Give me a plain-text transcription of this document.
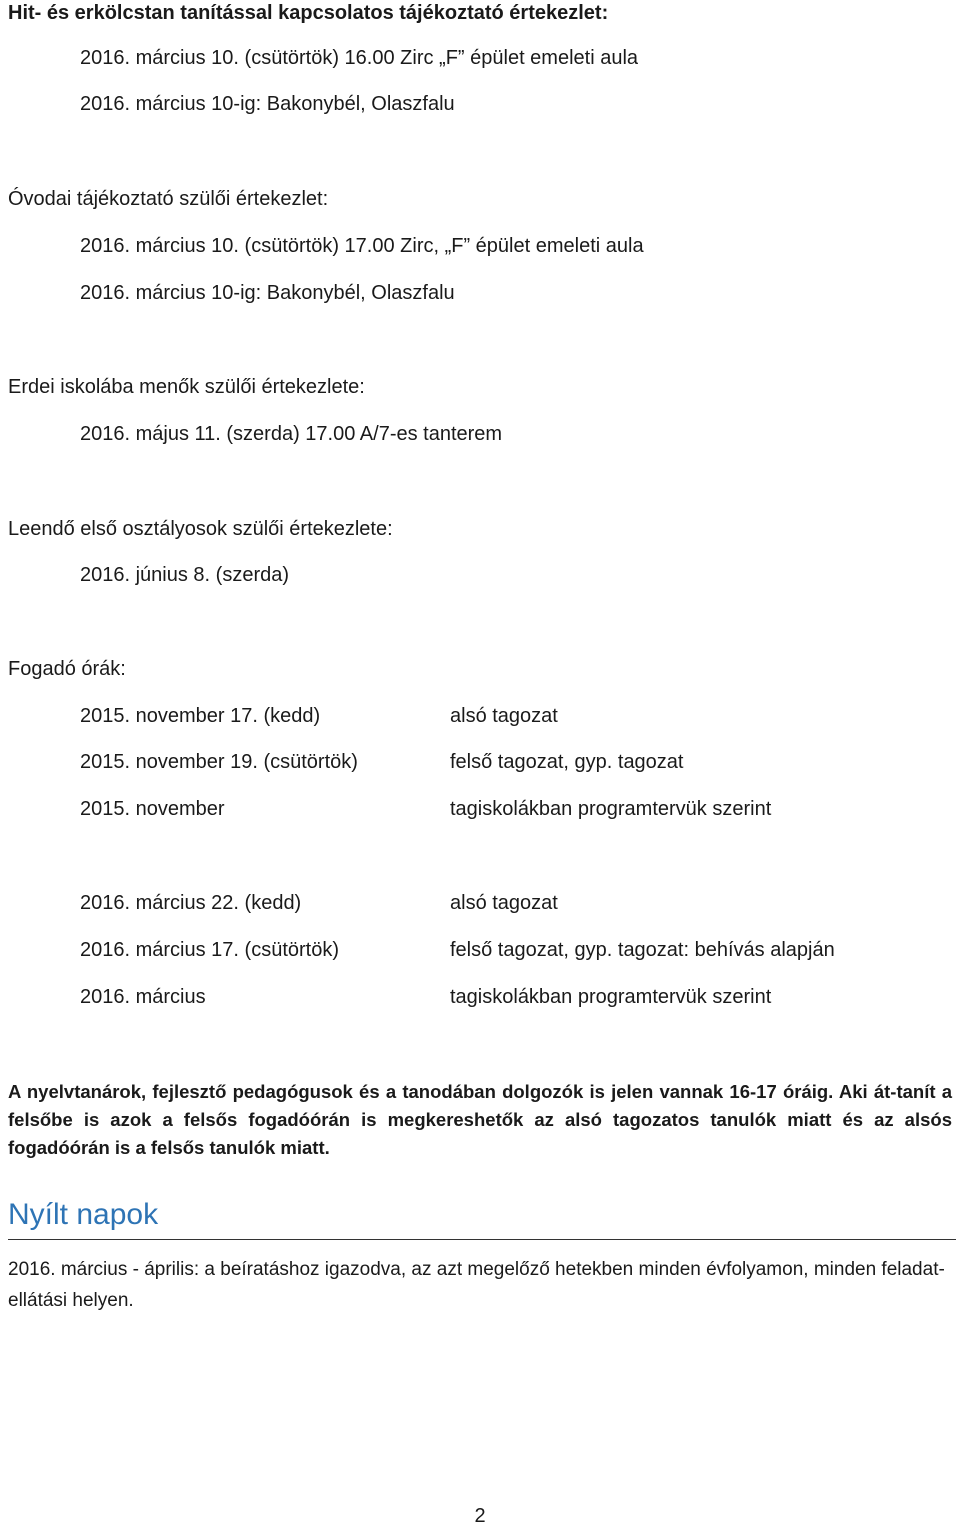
Hit- és erkölcstan tanítással kapcsolatos tájékoztató értekezlet:
2016. március 10. (csütörtök) 16.00 Zirc „F” épület emeleti aula
2016. március 10-ig: Bakonybél, Olaszfalu
Óvodai tájékoztató szülői értekezlet:
2016. március 10. (csütörtök) 17.00 Zirc, „F” épület emeleti aula
2016. március 10-ig: Bakonybél, Olaszfalu
Erdei iskolába menők szülői értekezlete:
2016. május 11. (szerda) 17.00 A/7-es tanterem
Leendő első osztályosok szülői értekezlete:
2016. június 8. (szerda)
Fogadó órák:
2015. november 17. (kedd)	alsó tagozat
2015. november 19. (csütörtök)	felső tagozat, gyp. tagozat
2015. november	tagiskolákban programtervük szerint
2016. március 22. (kedd)	alsó tagozat
2016. március 17. (csütörtök)	felső tagozat, gyp. tagozat: behívás alapján
2016. március	tagiskolákban programtervük szerint
A nyelvtanárok, fejlesztő pedagógusok és a tanodában dolgozók is jelen vannak 16-17 óráig. Aki át-tanít a felsőbe is azok a felsős fogadóórán is megkereshetők az alsó tagozatos tanulók miatt és az alsós fogadóórán is a felsős tanulók miatt.
Nyílt napok
2016. március - április: a beíratáshoz igazodva, az azt megelőző hetekben minden évfolyamon, minden feladat-ellátási helyen.
2
